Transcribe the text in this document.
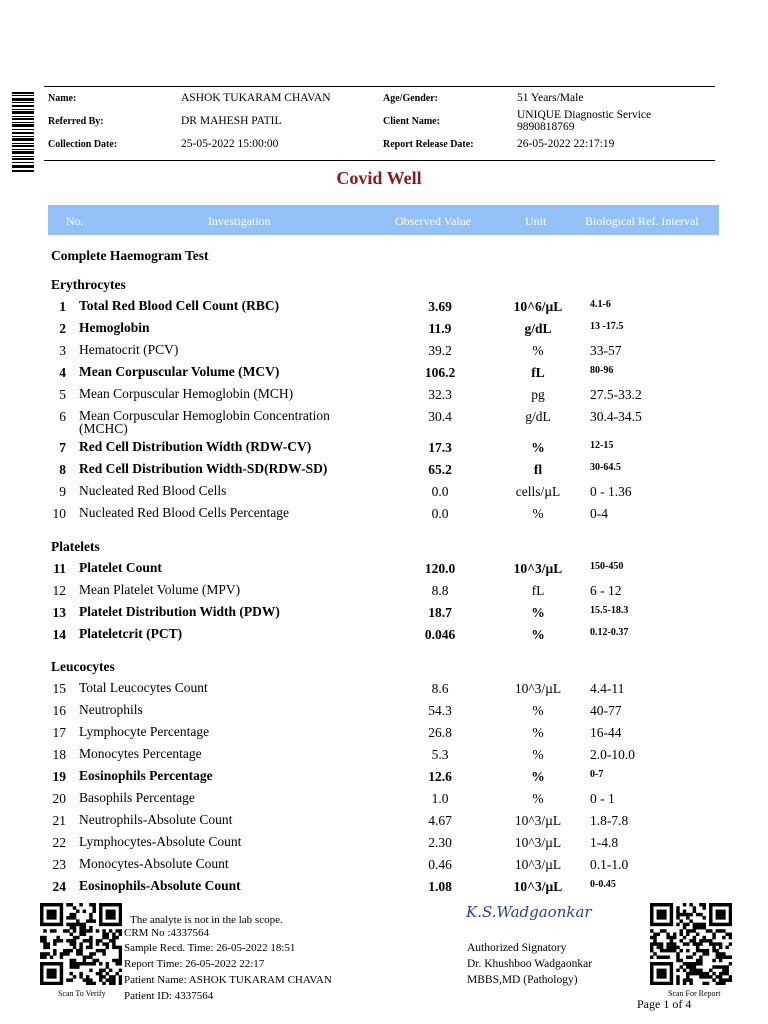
Name:	ASHOK TUKARAM CHAVAN	Age/Gender:	51 Years/Male
Referred By:	DR MAHESH PATIL	Client Name:
UNIQUE Diagnostic Service
9890818769
Collection Date:	25-05-2022 15:00:00	Report Release Date:	26-05-2022 22:17:19
Covid Well
No.	Investigation	Observed Value	Unit	Biological Ref. Interval
Complete Haemogram Test
Erythrocytes
Platelets
Leucocytes
1 Total Red Blood Cell Count (RBC)	3.69	10^6/µL	4.1-6
2 Hemoglobin	11.9	g/dL	13 -17.5
3 Hematocrit (PCV)	39.2	%	33-57
4 Mean Corpuscular Volume (MCV)	106.2	fL	80-96
5 Mean Corpuscular Hemoglobin (MCH)	32.3	pg	27.5-33.2
6 Mean Corpuscular Hemoglobin Concentration (MCHC)
30.4	g/dL	30.4-34.5
7 Red Cell Distribution Width (RDW-CV)	17.3	%	12-15
8 Red Cell Distribution Width-SD(RDW-SD)	65.2	fl	30-64.5
9 Nucleated Red Blood Cells	0.0	cells/µL	0 - 1.36
10 Nucleated Red Blood Cells Percentage	0.0	%	0-4
11 Platelet Count	120.0	10^3/µL	150-450
12 Mean Platelet Volume (MPV)	8.8	fL	6 - 12
13 Platelet Distribution Width (PDW)	18.7	%	15.5-18.3
14 Plateletcrit (PCT)	0.046	%	0.12-0.37
15 Total Leucocytes Count	8.6	10^3/µL	4.4-11
16 Neutrophils	54.3	%	40-77
17 Lymphocyte Percentage	26.8	%	16-44
18 Monocytes Percentage	5.3	%	2.0-10.0
19 Eosinophils Percentage	12.6	%	0-7
20 Basophils Percentage	1.0	%	0 - 1
21 Neutrophils-Absolute Count	4.67	10^3/µL	1.8-7.8
22 Lymphocytes-Absolute Count	2.30	10^3/µL	1-4.8
23 Monocytes-Absolute Count	0.46	10^3/µL	0.1-1.0
24 Eosinophils-Absolute Count	1.08	10^3/µL	0-0.45
Scan To Verify
The analyte is not in the lab scope.
CRM No :4337564
Sample Recd. Time: 26-05-2022 18:51
Report Time: 26-05-2022 22:17
Patient Name: ASHOK TUKARAM CHAVAN
Patient ID: 4337564
K.S.Wadgaonkar
Authorized Signatory
Dr. Khushboo Wadgaonkar
MBBS,MD (Pathology)
Scan For Report
Page 1 of 4
